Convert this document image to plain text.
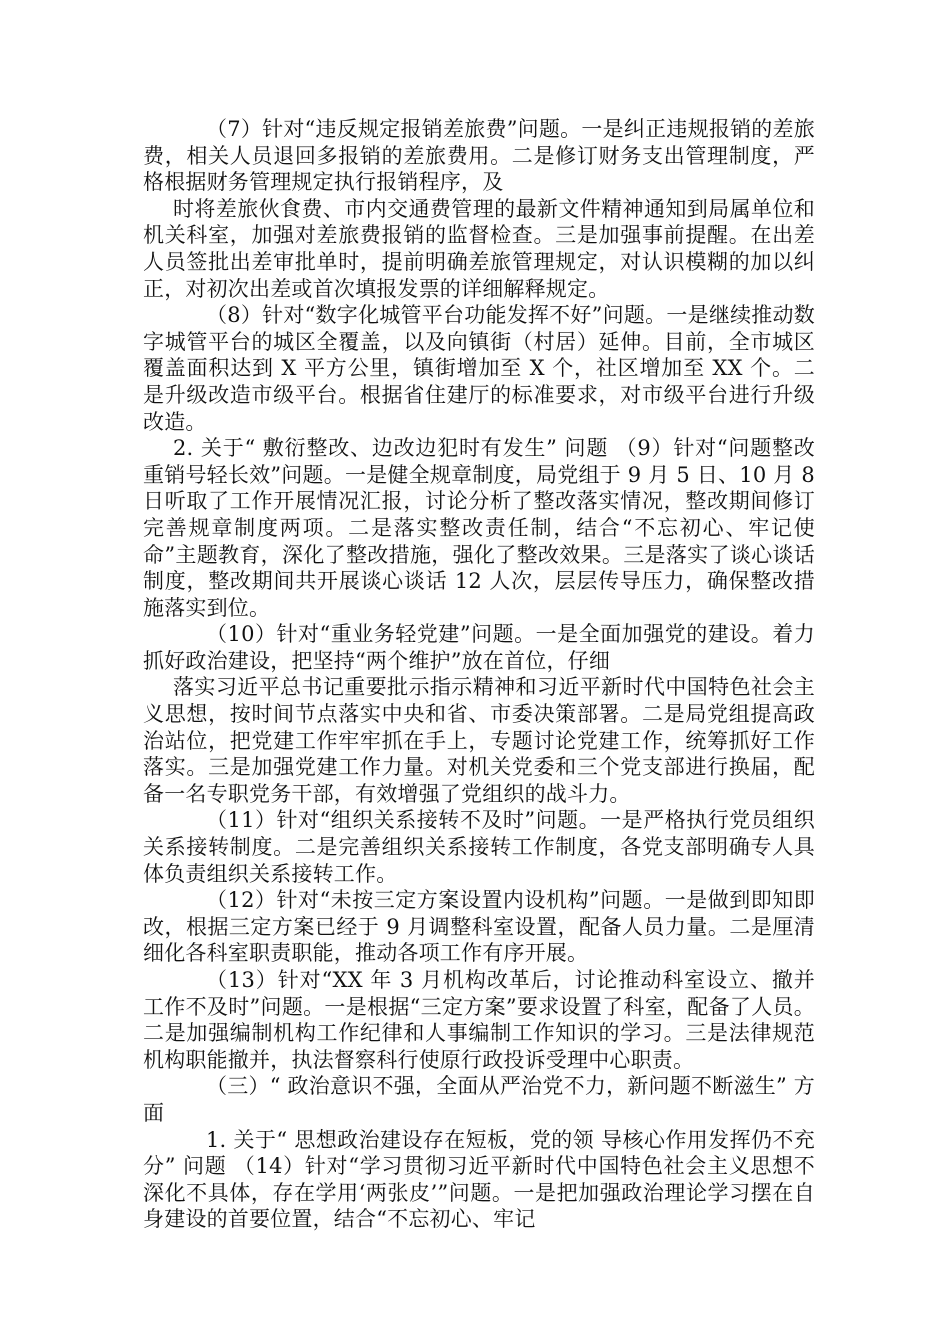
（7）针对“违反规定报销差旅费”问题。一是纠正违规报销的差旅费，相关人员退回多报销的差旅费用。二是修订财务支出管理制度，严格根据财务管理规定执行报销程序，及

时将差旅伙食费、市内交通费管理的最新文件精神通知到局属单位和机关科室，加强对差旅费报销的监督检查。三是加强事前提醒。在出差人员签批出差审批单时，提前明确差旅管理规定，对认识模糊的加以纠正，对初次出差或首次填报发票的详细解释规定。

（8）针对“数字化城管平台功能发挥不好”问题。一是继续推动数字城管平台的城区全覆盖，以及向镇街（村居）延伸。目前，全市城区覆盖面积达到 X 平方公里，镇街增加至 X 个，社区增加至 XX 个。二是升级改造市级平台。根据省住建厅的标准要求，对市级平台进行升级改造。

2. 关于“ 敷衍整改、边改边犯时有发生” 问题 （9）针对“问题整改重销号轻长效”问题。一是健全规章制度，局党组于 9 月 5 日、10 月 8 日听取了工作开展情况汇报，讨论分析了整改落实情况，整改期间修订完善规章制度两项。二是落实整改责任制，结合“不忘初心、牢记使命”主题教育，深化了整改措施，强化了整改效果。三是落实了谈心谈话制度，整改期间共开展谈心谈话 12 人次，层层传导压力，确保整改措施落实到位。

（10）针对“重业务轻党建”问题。一是全面加强党的建设。着力抓好政治建设，把坚持“两个维护”放在首位，仔细

落实习近平总书记重要批示指示精神和习近平新时代中国特色社会主义思想，按时间节点落实中央和省、市委决策部署。二是局党组提高政治站位，把党建工作牢牢抓在手上，专题讨论党建工作，统筹抓好工作落实。三是加强党建工作力量。对机关党委和三个党支部进行换届，配备一名专职党务干部，有效增强了党组织的战斗力。

（11）针对“组织关系接转不及时”问题。一是严格执行党员组织关系接转制度。二是完善组织关系接转工作制度，各党支部明确专人具体负责组织关系接转工作。

（12）针对“未按三定方案设置内设机构”问题。一是做到即知即改，根据三定方案已经于 9 月调整科室设置，配备人员力量。二是厘清细化各科室职责职能，推动各项工作有序开展。

（13）针对“XX 年 3 月机构改革后，讨论推动科室设立、撤并工作不及时”问题。一是根据“三定方案”要求设置了科室，配备了人员。二是加强编制机构工作纪律和人事编制工作知识的学习。三是法律规范机构职能撤并，执法督察科行使原行政投诉受理中心职责。

（三）“ 政治意识不强，全面从严治党不力，新问题不断滋生” 方面

1. 关于“ 思想政治建设存在短板，党的领 导核心作用发挥仍不充分” 问题 （14）针对“学习贯彻习近平新时代中国特色社会主义思想不深化不具体，存在学用‘两张皮’”问题。一是把加强政治理论学习摆在自身建设的首要位置，结合“不忘初心、牢记
